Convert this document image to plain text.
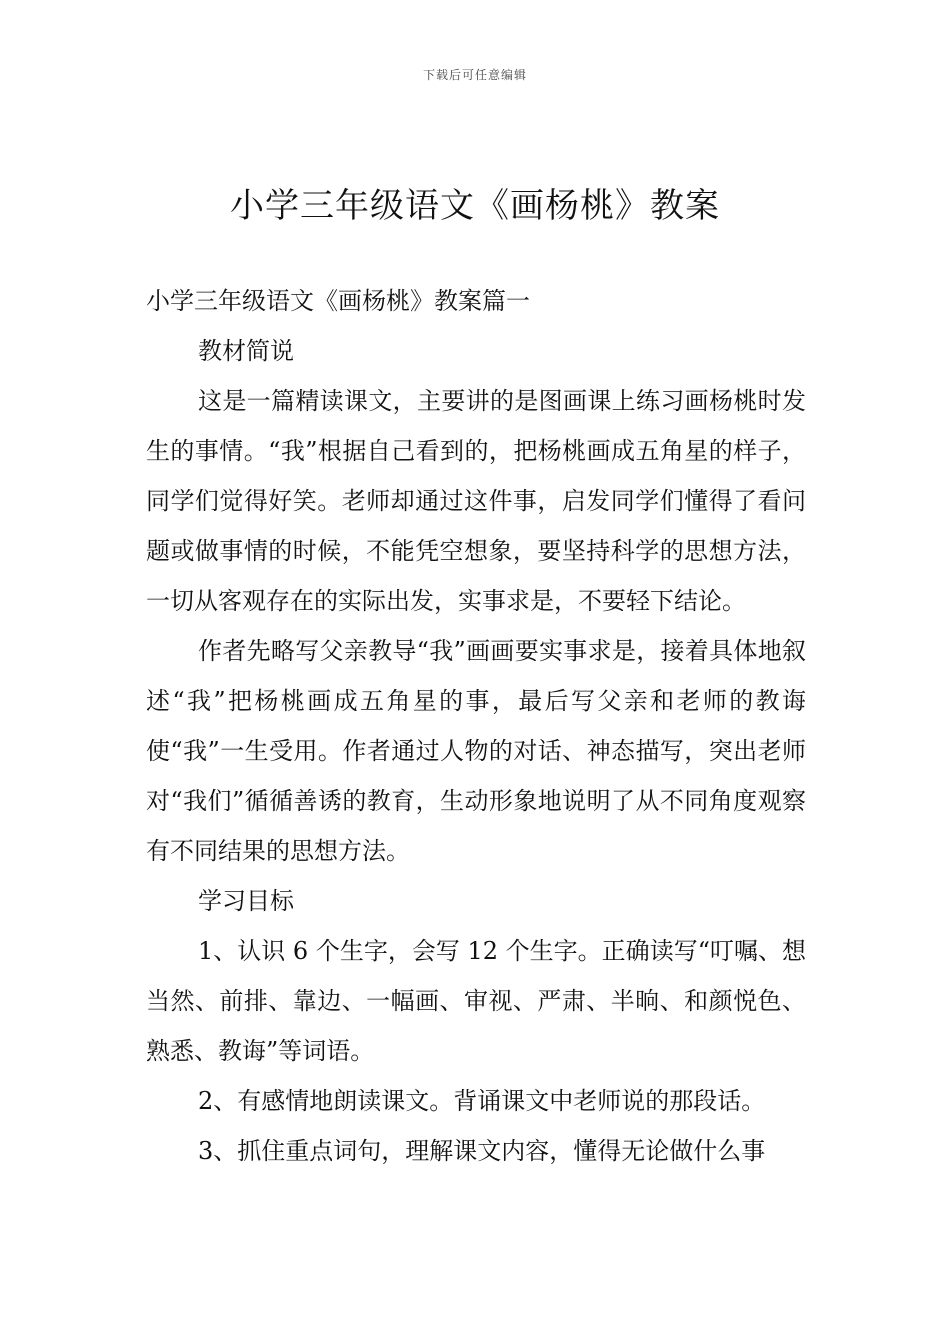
下载后可任意编辑
小学三年级语文《画杨桃》教案

小学三年级语文《画杨桃》教案篇一

教材简说

这是一篇精读课文，主要讲的是图画课上练习画杨桃时发生的事情。“我”根据自己看到的，把杨桃画成五角星的样子，同学们觉得好笑。老师却通过这件事，启发同学们懂得了看问题或做事情的时候，不能凭空想象，要坚持科学的思想方法，一切从客观存在的实际出发，实事求是，不要轻下结论。

作者先略写父亲教导“我”画画要实事求是，接着具体地叙述“我”把杨桃画成五角星的事，最后写父亲和老师的教诲使“我”一生受用。作者通过人物的对话、神态描写，突出老师对“我们”循循善诱的教育，生动形象地说明了从不同角度观察有不同结果的思想方法。

学习目标

1、认识 6 个生字，会写 12 个生字。正确读写“叮嘱、想当然、前排、靠边、一幅画、审视、严肃、半晌、和颜悦色、熟悉、教诲”等词语。

2、有感情地朗读课文。背诵课文中老师说的那段话。

3、抓住重点词句，理解课文内容，懂得无论做什么事
